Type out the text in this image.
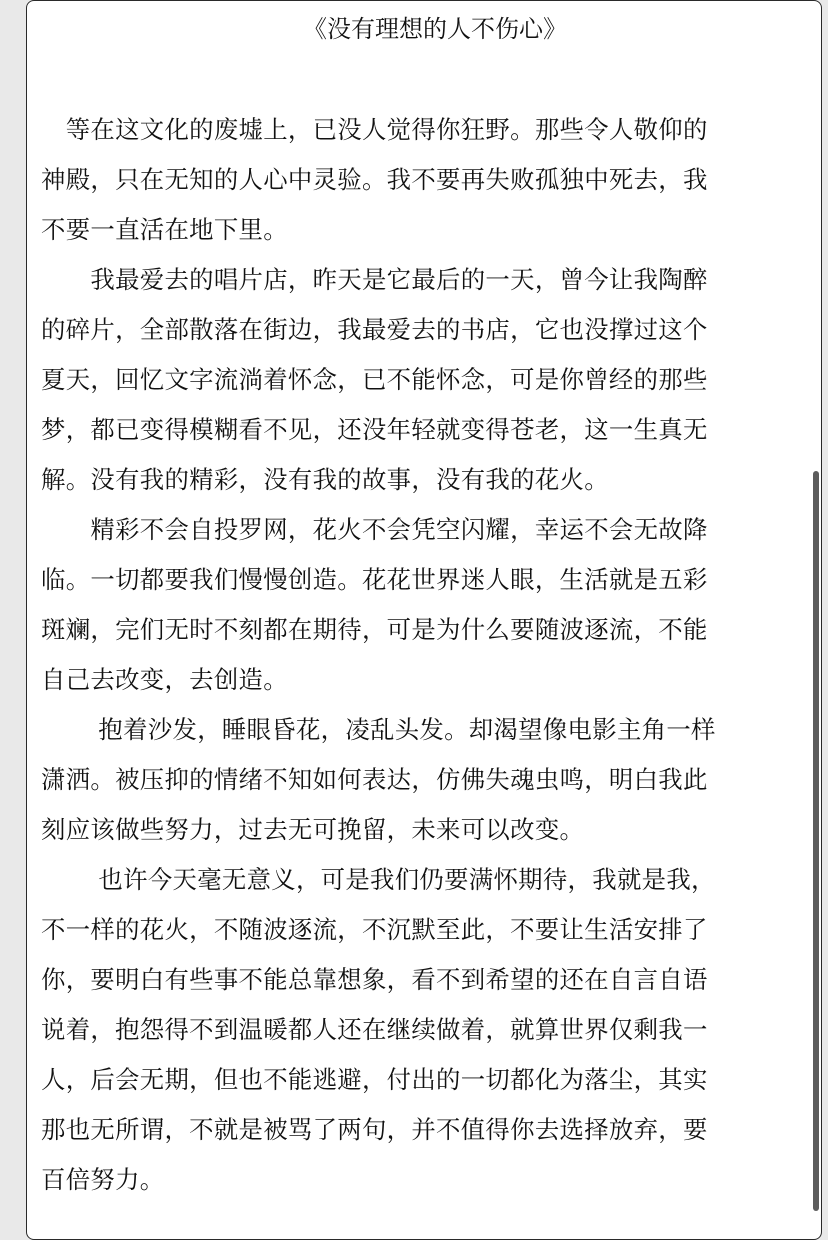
《没有理想的人不伤心》
　等在这文化的废墟上，已没人觉得你狂野。那些令人敬仰的
神殿，只在无知的人心中灵验。我不要再失败孤独中死去，我
不要一直活在地下里。
　　我最爱去的唱片店，昨天是它最后的一天，曾今让我陶醉
的碎片，全部散落在街边，我最爱去的书店，它也没撑过这个
夏天，回忆文字流淌着怀念，已不能怀念，可是你曾经的那些
梦，都已变得模糊看不见，还没年轻就变得苍老，这一生真无
解。没有我的精彩，没有我的故事，没有我的花火。
　　精彩不会自投罗网，花火不会凭空闪耀，幸运不会无故降
临。一切都要我们慢慢创造。花花世界迷人眼，生活就是五彩
斑斓，完们无时不刻都在期待，可是为什么要随波逐流，不能
自己去改变，去创造。
　　 抱着沙发，睡眼昏花，凌乱头发。却渴望像电影主角一样
潇洒。被压抑的情绪不知如何表达，仿佛失魂虫鸣，明白我此
刻应该做些努力，过去无可挽留，未来可以改变。
　　 也许今天毫无意义，可是我们仍要满怀期待，我就是我，
不一样的花火，不随波逐流，不沉默至此，不要让生活安排了
你，要明白有些事不能总靠想象，看不到希望的还在自言自语
说着，抱怨得不到温暖都人还在继续做着，就算世界仅剩我一
人，后会无期，但也不能逃避，付出的一切都化为落尘，其实
那也无所谓，不就是被骂了两句，并不值得你去选择放弃，要
百倍努力。
